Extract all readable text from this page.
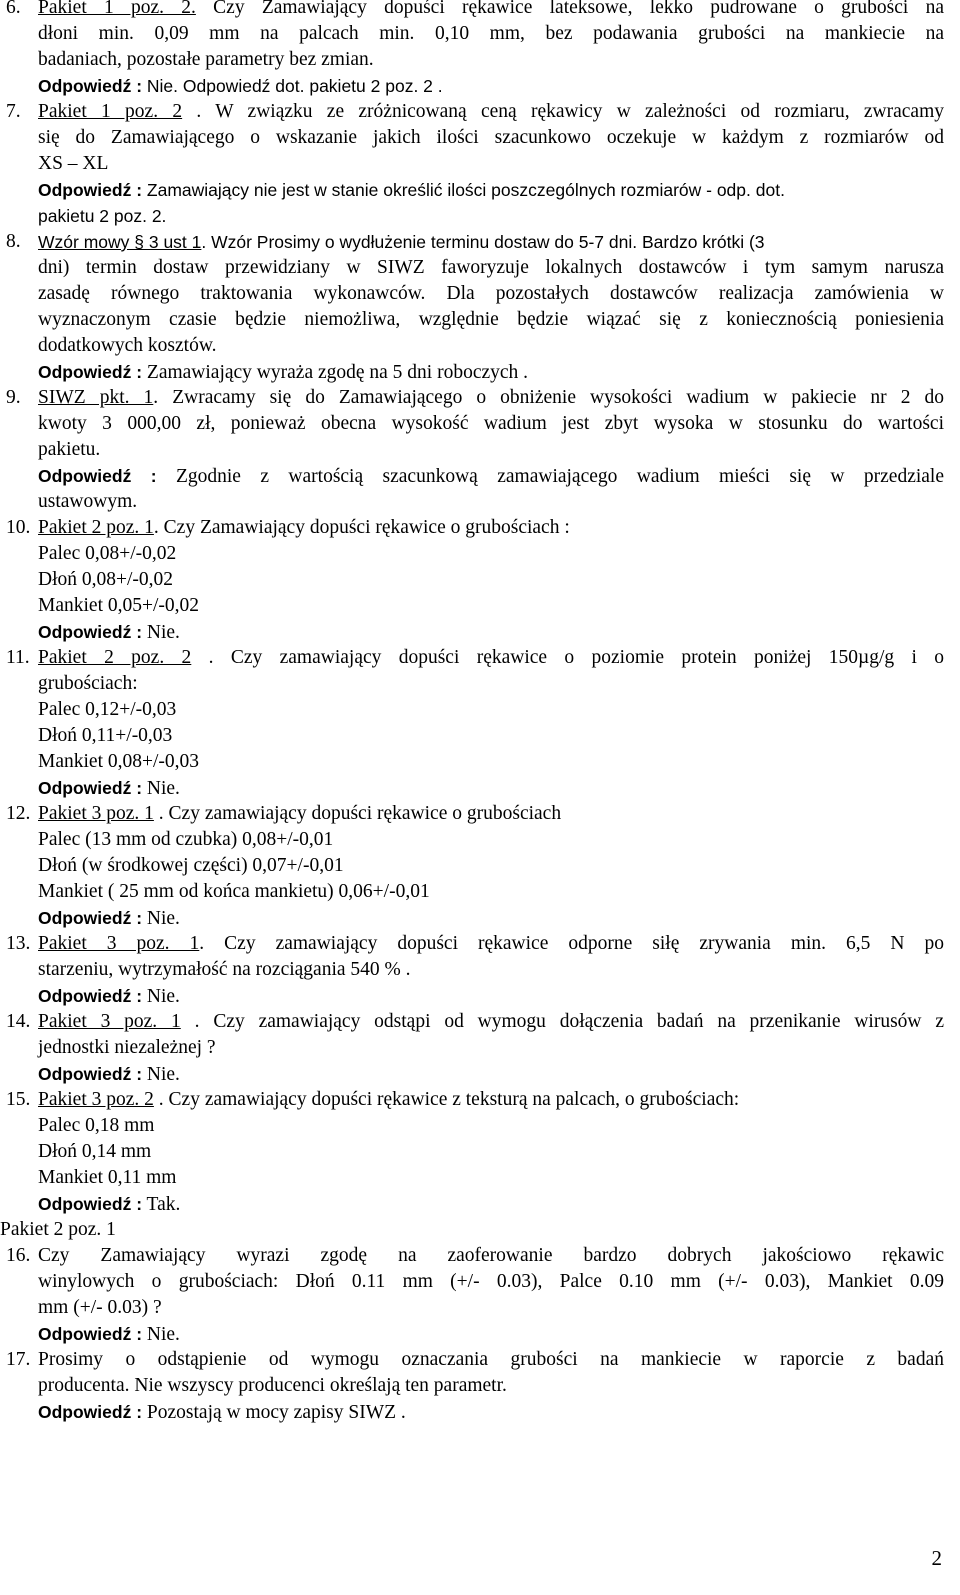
6. Pakiet 1 poz. 2. Czy Zamawiający dopuści rękawice lateksowe, lekko pudrowane o grubości na
dłoni min. 0,09 mm na palcach min. 0,10 mm, bez podawania grubości na mankiecie na
badaniach, pozostałe parametry bez zmian.
Odpowiedź : Nie. Odpowiedź dot. pakietu 2 poz. 2 .
7. Pakiet 1 poz. 2 . W związku ze zróżnicowaną ceną rękawicy w zależności od rozmiaru, zwracamy
się do Zamawiającego o wskazanie jakich ilości szacunkowo oczekuje w każdym z rozmiarów od
XS – XL
Odpowiedź : Zamawiający nie jest w stanie określić ilości poszczególnych rozmiarów - odp. dot.
pakietu 2 poz. 2.
8. Wzór mowy § 3 ust 1. Wzór Prosimy o wydłużenie terminu dostaw do 5-7 dni. Bardzo krótki (3
dni) termin dostaw przewidziany w SIWZ faworyzuje lokalnych dostawców i tym samym narusza
zasadę równego traktowania wykonawców. Dla pozostałych dostawców realizacja zamówienia w
wyznaczonym czasie będzie niemożliwa, względnie będzie wiązać się z koniecznością poniesienia
dodatkowych kosztów.
Odpowiedź : Zamawiający wyraża zgodę na 5 dni roboczych .
9. SIWZ pkt. 1. Zwracamy się do Zamawiającego o obniżenie wysokości wadium w pakiecie nr 2 do
kwoty 3 000,00 zł, ponieważ obecna wysokość wadium jest zbyt wysoka w stosunku do wartości
pakietu.
Odpowiedź : Zgodnie z wartością szacunkową zamawiającego wadium mieści się w przedziale
ustawowym.
10. Pakiet 2 poz. 1. Czy Zamawiający dopuści rękawice o grubościach :
Palec 0,08+/-0,02
Dłoń 0,08+/-0,02
Mankiet 0,05+/-0,02
Odpowiedź : Nie.
11. Pakiet 2 poz. 2 . Czy zamawiający dopuści rękawice o poziomie protein poniżej 150µg/g i o
grubościach:
Palec 0,12+/-0,03
Dłoń 0,11+/-0,03
Mankiet 0,08+/-0,03
Odpowiedź : Nie.
12. Pakiet 3 poz. 1 . Czy zamawiający dopuści rękawice o grubościach
Palec (13 mm od czubka) 0,08+/-0,01
Dłoń (w środkowej części) 0,07+/-0,01
Mankiet ( 25 mm od końca mankietu) 0,06+/-0,01
Odpowiedź : Nie.
13. Pakiet 3 poz. 1. Czy zamawiający dopuści rękawice odporne siłę zrywania min. 6,5 N po
starzeniu, wytrzymałość na rozciągania 540 % .
Odpowiedź : Nie.
14. Pakiet 3 poz. 1 . Czy zamawiający odstąpi od wymogu dołączenia badań na przenikanie wirusów z
jednostki niezależnej ?
Odpowiedź : Nie.
15. Pakiet 3 poz. 2 . Czy zamawiający dopuści rękawice z teksturą na palcach, o grubościach:
Palec 0,18 mm
Dłoń 0,14 mm
Mankiet 0,11 mm
Odpowiedź : Tak.
Pakiet 2 poz. 1
16. Czy Zamawiający wyrazi zgodę na zaoferowanie bardzo dobrych jakościowo rękawic
winylowych o grubościach: Dłoń 0.11 mm (+/- 0.03), Palce 0.10 mm (+/- 0.03), Mankiet 0.09
mm (+/- 0.03) ?
Odpowiedź : Nie.
17. Prosimy o odstąpienie od wymogu oznaczania grubości na mankiecie w raporcie z badań
producenta. Nie wszyscy producenci określają ten parametr.
Odpowiedź : Pozostają w mocy zapisy SIWZ .
2
